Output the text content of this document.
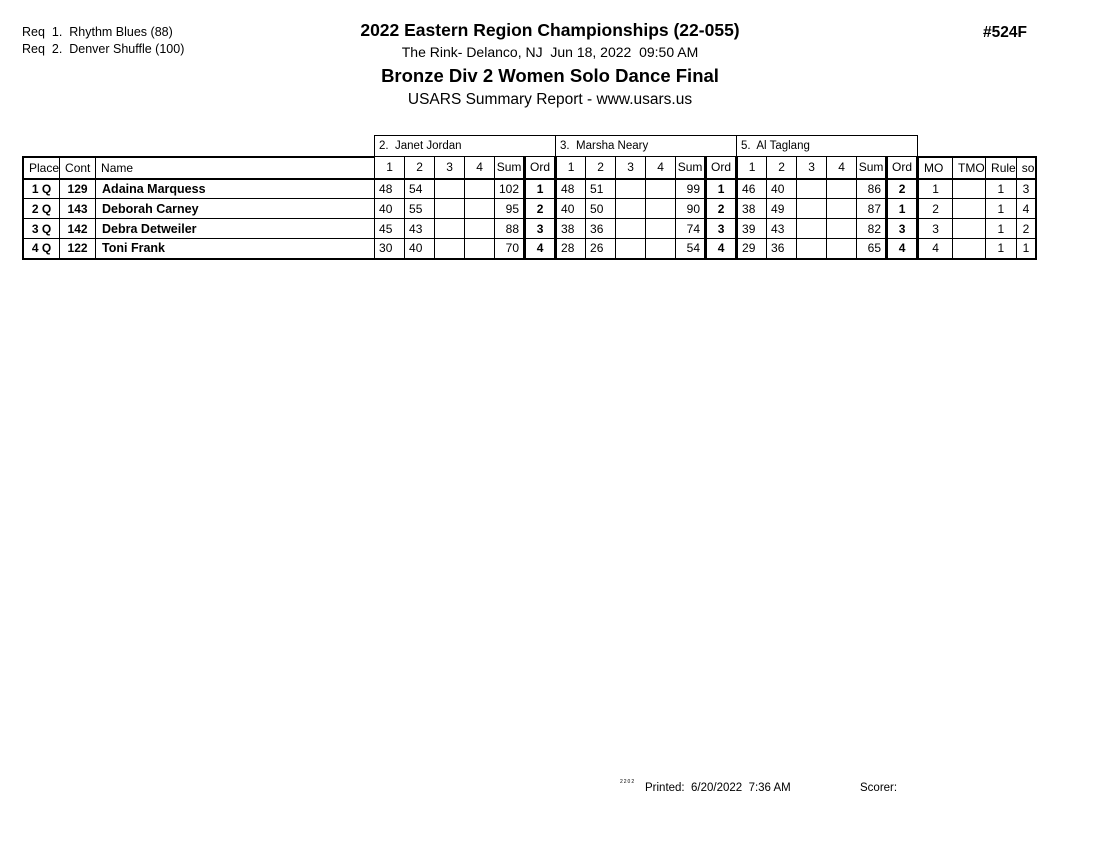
Req  1.  Rhythm Blues (88)
Req  2.  Denver Shuffle (100)
2022 Eastern Region Championships (22-055)
The Rink- Delanco, NJ  Jun 18, 2022  09:50 AM
Bronze Div 2 Women Solo Dance Final
USARS Summary Report - www.usars.us
#524F
			2.  Janet Jordan						3.  Marsha Neary						5.  Al Taglang									
Place	Cont	Name	1	2	3	4	Sum	Ord	1	2	3	4	Sum	Ord	1	2	3	4	Sum	Ord	MO	TMO	Rule	so
1 Q	129	Adaina Marquess	48	54			102	1	48	51			99	1	46	40			86	2	1		1	3
2 Q	143	Deborah Carney	40	55			95	2	40	50			90	2	38	49			87	1	2		1	4
3 Q	142	Debra Detweiler	45	43			88	3	38	36			74	3	39	43			82	3	3		1	2
4 Q	122	Toni Frank	30	40			70	4	28	26			54	4	29	36			65	4	4		1	1
2202 Printed:  6/20/2022  7:36 AM	Scorer:
